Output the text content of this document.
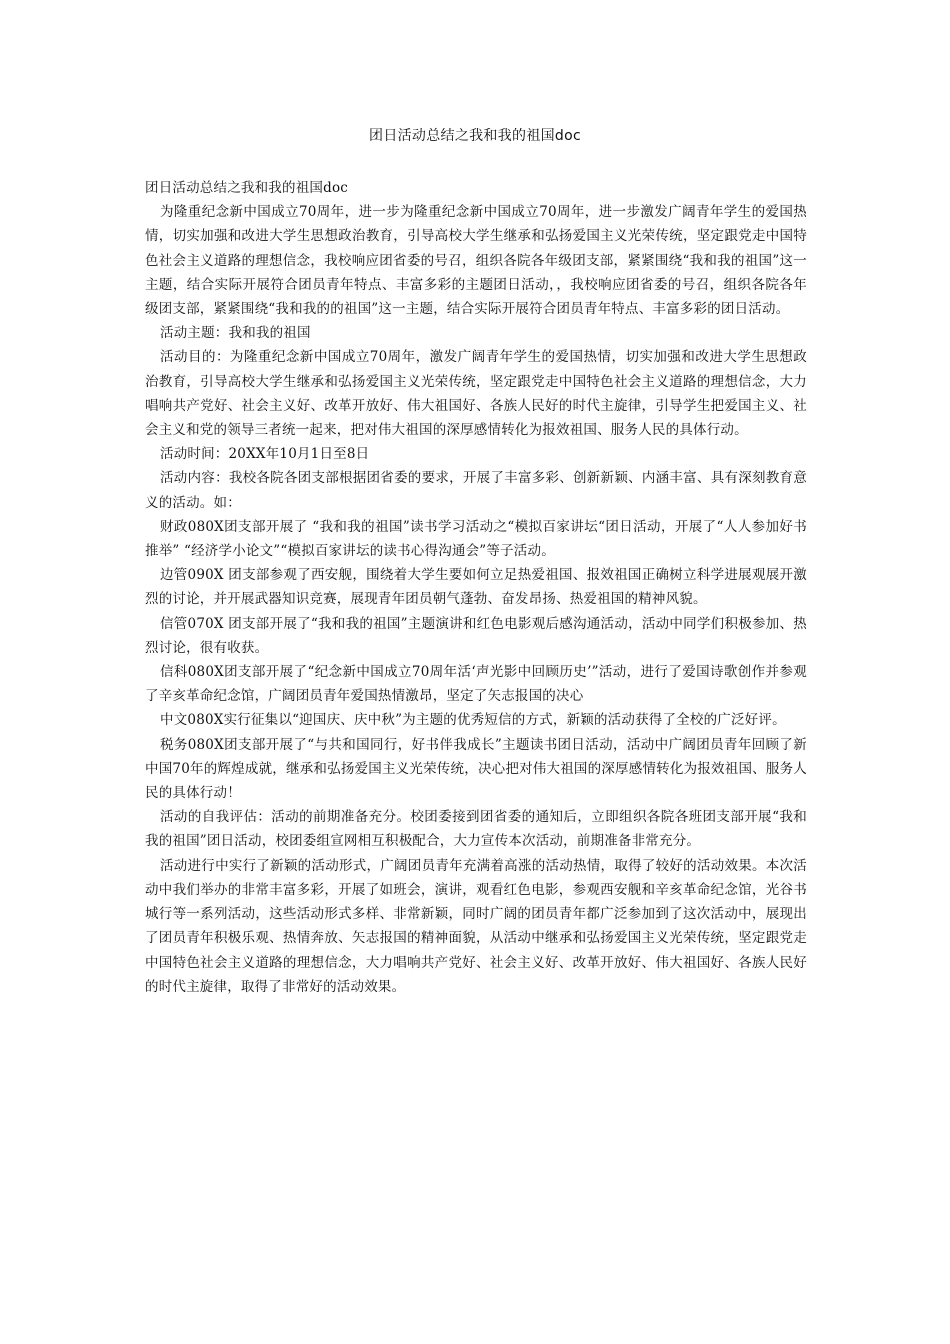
团日活动总结之我和我的祖国doc

团日活动总结之我和我的祖国doc

为隆重纪念新中国成立70周年，进一步为隆重纪念新中国成立70周年，进一步激发广阔青年学生的爱国热情，切实加强和改进大学生思想政治教育，引导高校大学生继承和弘扬爱国主义光荣传统，坚定跟党走中国特色社会主义道路的理想信念，我校响应团省委的号召，组织各院各年级团支部，紧紧围绕“我和我的祖国”这一主题，结合实际开展符合团员青年特点、丰富多彩的主题团日活动，，我校响应团省委的号召，组织各院各年级团支部，紧紧围绕“我和我的的祖国”这一主题，结合实际开展符合团员青年特点、丰富多彩的团日活动。

活动主题：我和我的祖国

活动目的：为隆重纪念新中国成立70周年，激发广阔青年学生的爱国热情，切实加强和改进大学生思想政治教育，引导高校大学生继承和弘扬爱国主义光荣传统，坚定跟党走中国特色社会主义道路的理想信念，大力唱响共产党好、社会主义好、改革开放好、伟大祖国好、各族人民好的时代主旋律，引导学生把爱国主义、社会主义和党的领导三者统一起来，把对伟大祖国的深厚感情转化为报效祖国、服务人民的具体行动。

活动时间：20XX年10月1日至8日

活动内容：我校各院各团支部根据团省委的要求，开展了丰富多彩、创新新颖、内涵丰富、具有深刻教育意义的活动。如：

财政080X团支部开展了 “我和我的祖国”读书学习活动之“模拟百家讲坛“团日活动，开展了“人人参加好书推举” “经济学小论文”“模拟百家讲坛的读书心得沟通会”等子活动。

边管090X 团支部参观了西安舰，围绕着大学生要如何立足热爱祖国、报效祖国正确树立科学进展观展开激烈的讨论，并开展武器知识竞赛，展现青年团员朝气蓬勃、奋发昂扬、热爱祖国的精神风貌。

信管070X 团支部开展了“我和我的祖国”主题演讲和红色电影观后感沟通活动，活动中同学们积极参加、热烈讨论，很有收获。

信科080X团支部开展了“纪念新中国成立70周年活‘声光影中回顾历史’”活动，进行了爱国诗歌创作并参观了辛亥革命纪念馆，广阔团员青年爱国热情激昂，坚定了矢志报国的决心

中文080X实行征集以“迎国庆、庆中秋”为主题的优秀短信的方式，新颖的活动获得了全校的广泛好评。

税务080X团支部开展了“与共和国同行，好书伴我成长”主题读书团日活动，活动中广阔团员青年回顾了新中国70年的辉煌成就，继承和弘扬爱国主义光荣传统，决心把对伟大祖国的深厚感情转化为报效祖国、服务人民的具体行动！

活动的自我评估：活动的前期准备充分。校团委接到团省委的通知后，立即组织各院各班团支部开展“我和我的祖国”团日活动，校团委组宣网相互积极配合，大力宣传本次活动，前期准备非常充分。

活动进行中实行了新颖的活动形式，广阔团员青年充满着高涨的活动热情，取得了较好的活动效果。本次活动中我们举办的非常丰富多彩，开展了如班会，演讲，观看红色电影，参观西安舰和辛亥革命纪念馆，光谷书城行等一系列活动，这些活动形式多样、非常新颖，同时广阔的团员青年都广泛参加到了这次活动中，展现出了团员青年积极乐观、热情奔放、矢志报国的精神面貌，从活动中继承和弘扬爱国主义光荣传统，坚定跟党走中国特色社会主义道路的理想信念，大力唱响共产党好、社会主义好、改革开放好、伟大祖国好、各族人民好的时代主旋律，取得了非常好的活动效果。
